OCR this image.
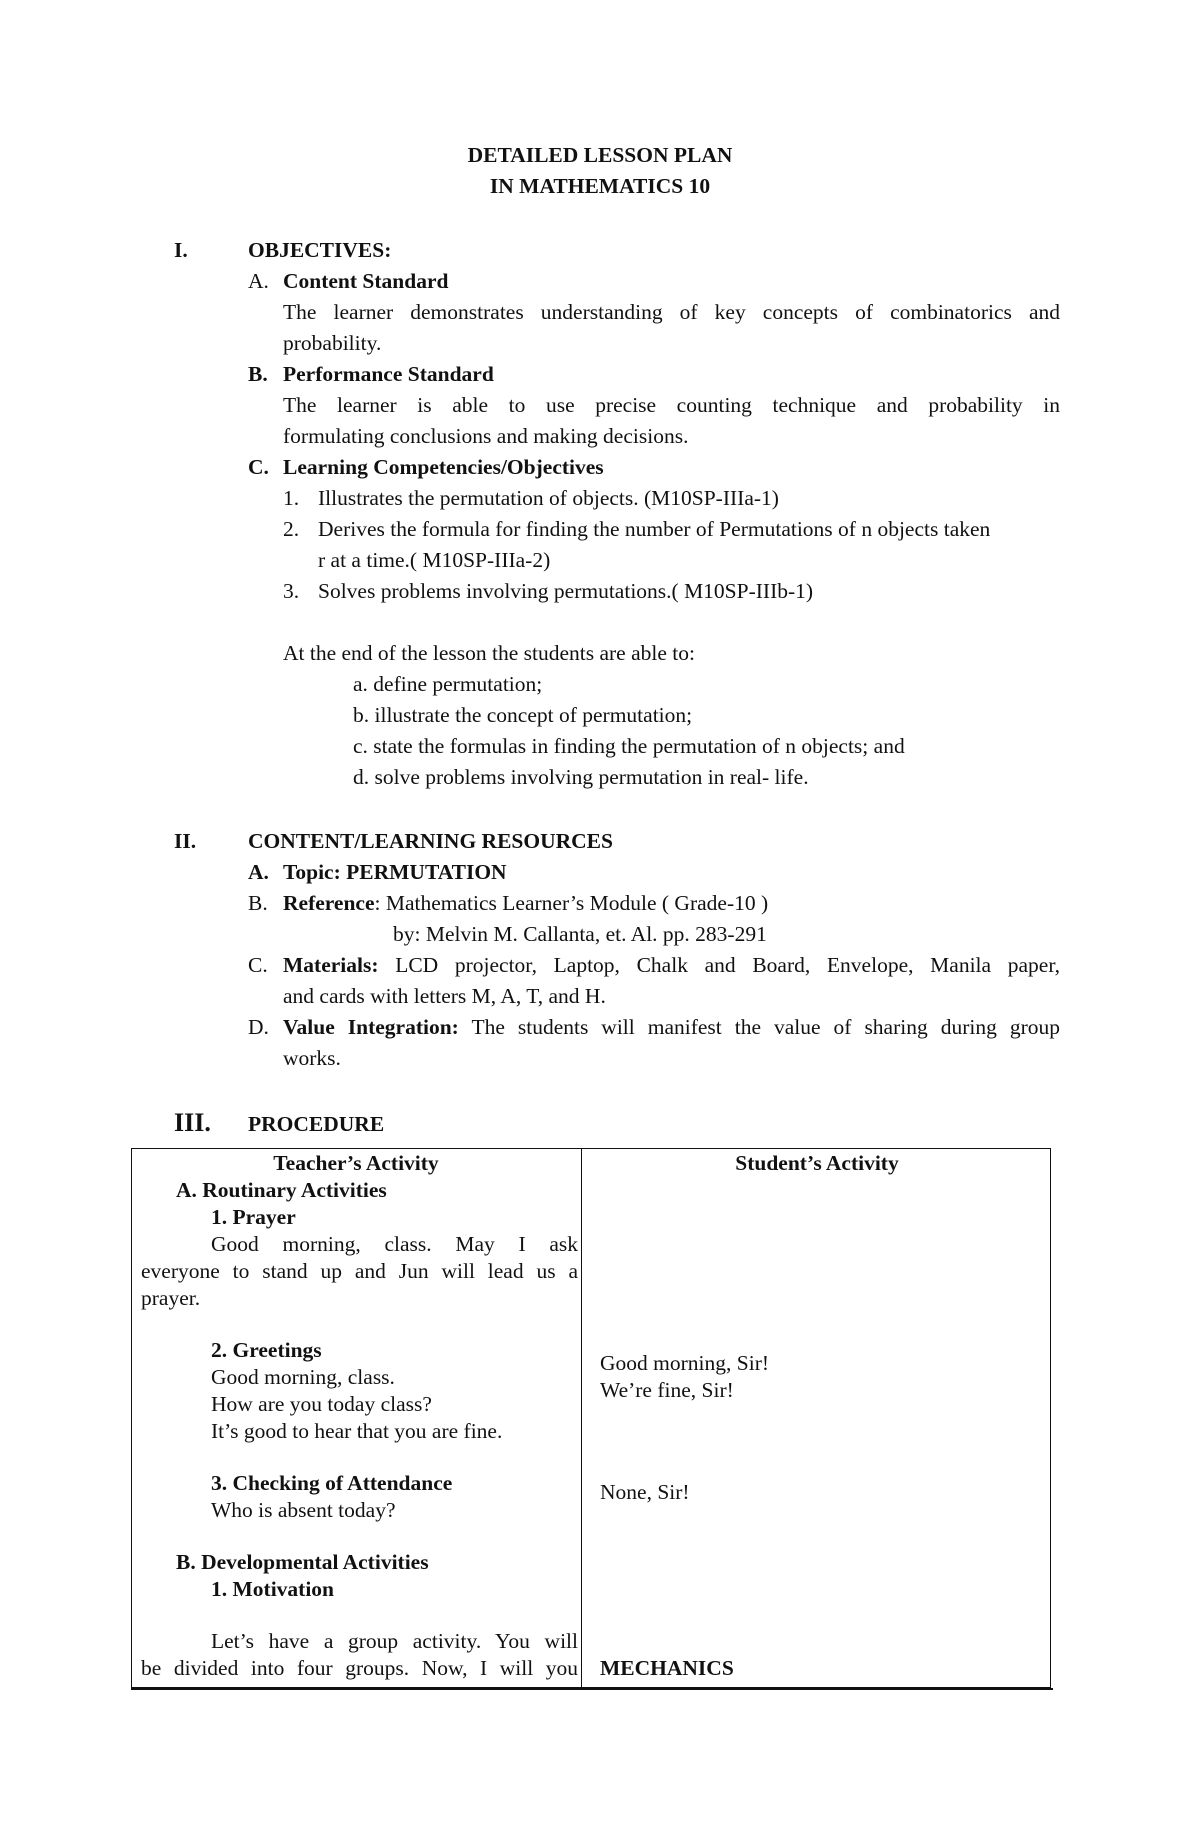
DETAILED LESSON PLAN
IN MATHEMATICS 10
I.	OBJECTIVES:
A. Content Standard
The learner demonstrates understanding of key concepts of combinatorics and
probability.
B. Performance Standard
The learner is able to use precise counting technique and probability in
formulating conclusions and making decisions.
C. Learning Competencies/Objectives
1. Illustrates the permutation of objects. (M10SP-IIIa-1)
2. Derives the formula for finding the number of Permutations of n objects taken
r at a time.( M10SP-IIIa-2)
3. Solves problems involving permutations.( M10SP-IIIb-1)
At the end of the lesson the students are able to:
a. define permutation;
b. illustrate the concept of permutation;
c. state the formulas in finding the permutation of n objects; and
d. solve problems involving permutation in real- life.
II. CONTENT/LEARNING RESOURCES
A. Topic: PERMUTATION
B. Reference: Mathematics Learner’s Module ( Grade-10 )
by: Melvin M. Callanta, et. Al. pp. 283-291
C. Materials: LCD projector, Laptop, Chalk and Board, Envelope, Manila paper,
and cards with letters M, A, T, and H.
D. Value Integration: The students will manifest the value of sharing during group
works.
III. PROCEDURE
Teacher’s Activity
A. Routinary Activities
1. Prayer
Good morning, class. May I ask
everyone to stand up and Jun will lead us a
prayer.
2. Greetings
Good morning, class.
How are you today class?
It’s good to hear that you are fine.
3. Checking of Attendance
Who is absent today?
B. Developmental Activities
1. Motivation
Let’s have a group activity. You will
be divided into four groups. Now, I will you
Student’s Activity
Good morning, Sir!
We’re fine, Sir!
None, Sir!
MECHANICS
